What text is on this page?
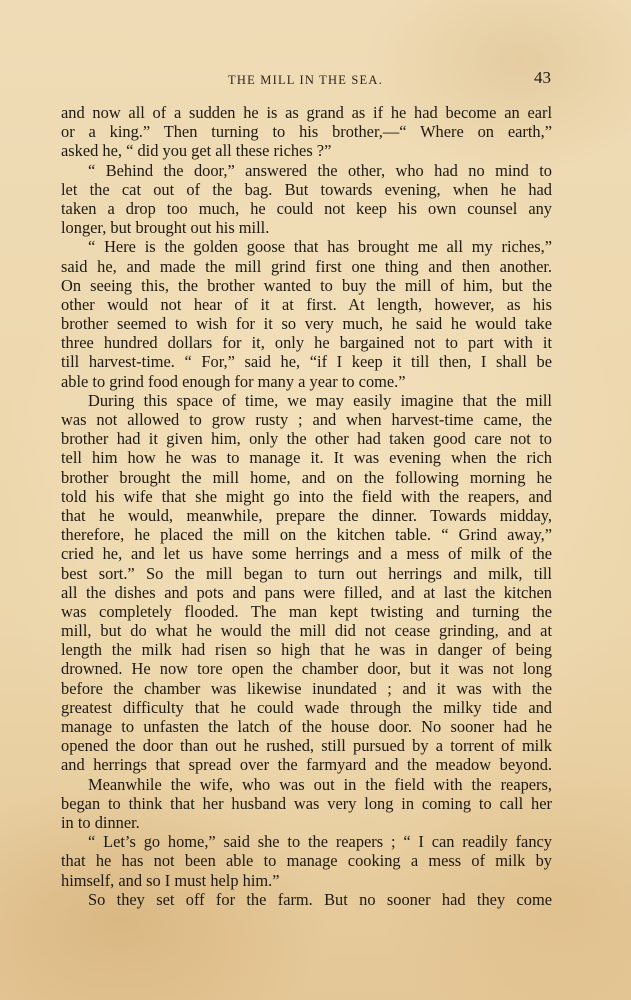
THE MILL IN THE SEA.	43
and now all of a sudden he is as grand as if he had become an earl
or a king.” Then turning to his brother,—“ Where on earth,”
asked he, “ did you get all these riches ?”
“ Behind the door,” answered the other, who had no mind to
let the cat out of the bag. But towards evening, when he had
taken a drop too much, he could not keep his own counsel any
longer, but brought out his mill.
“ Here is the golden goose that has brought me all my riches,”
said he, and made the mill grind first one thing and then another.
On seeing this, the brother wanted to buy the mill of him, but the
other would not hear of it at first. At length, however, as his
brother seemed to wish for it so very much, he said he would take
three hundred dollars for it, only he bargained not to part with it
till harvest-time. “ For,” said he, “if I keep it till then, I shall be
able to grind food enough for many a year to come.”
During this space of time, we may easily imagine that the mill
was not allowed to grow rusty ; and when harvest-time came, the
brother had it given him, only the other had taken good care not to
tell him how he was to manage it. It was evening when the rich
brother brought the mill home, and on the following morning he
told his wife that she might go into the field with the reapers, and
that he would, meanwhile, prepare the dinner. Towards midday,
therefore, he placed the mill on the kitchen table. “ Grind away,”
cried he, and let us have some herrings and a mess of milk of the
best sort.” So the mill began to turn out herrings and milk, till
all the dishes and pots and pans were filled, and at last the kitchen
was completely flooded. The man kept twisting and turning the
mill, but do what he would the mill did not cease grinding, and at
length the milk had risen so high that he was in danger of being
drowned. He now tore open the chamber door, but it was not long
before the chamber was likewise inundated ; and it was with the
greatest difficulty that he could wade through the milky tide and
manage to unfasten the latch of the house door. No sooner had he
opened the door than out he rushed, still pursued by a torrent of milk
and herrings that spread over the farmyard and the meadow beyond.
Meanwhile the wife, who was out in the field with the reapers,
began to think that her husband was very long in coming to call her
in to dinner.
“ Let’s go home,” said she to the reapers ; “ I can readily fancy
that he has not been able to manage cooking a mess of milk by
himself, and so I must help him.”
So they set off for the farm. But no sooner had they come
